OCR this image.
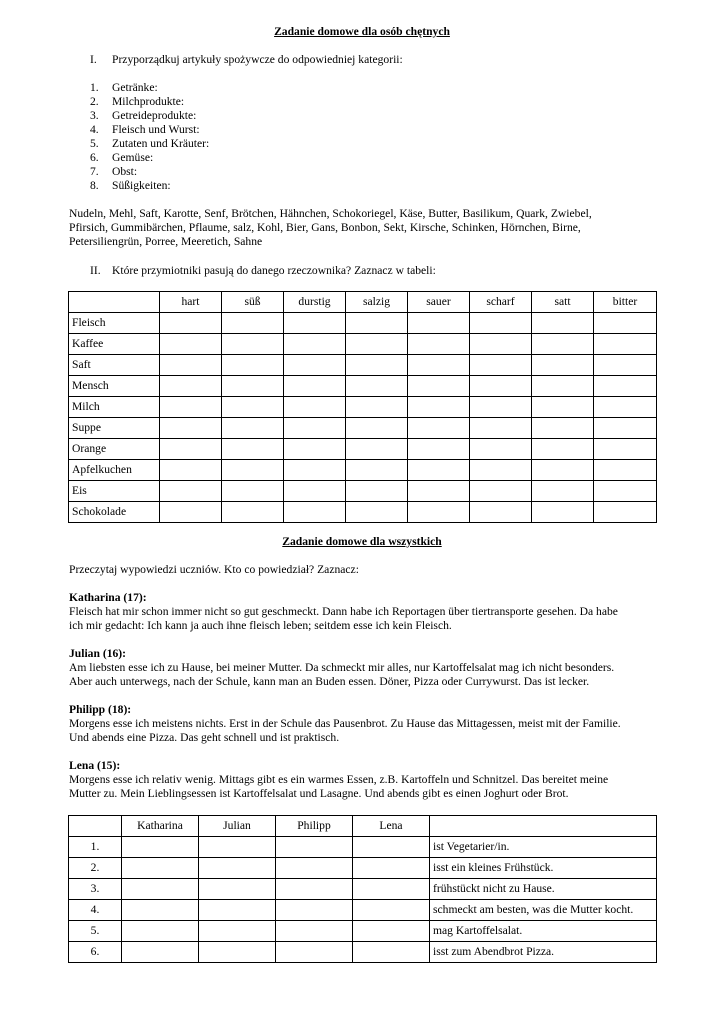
Zadanie domowe dla osób chętnych
I. Przyporządkuj artykuły spożywcze do odpowiedniej kategorii:
1. Getränke:
2. Milchprodukte:
3. Getreideprodukte:
4. Fleisch und Wurst:
5. Zutaten und Kräuter:
6. Gemüse:
7. Obst:
8. Süßigkeiten:
Nudeln, Mehl, Saft, Karotte, Senf, Brötchen, Hähnchen, Schokoriegel, Käse, Butter, Basilikum, Quark, Zwiebel,
Pfirsich, Gummibärchen, Pflaume, salz, Kohl, Bier, Gans, Bonbon, Sekt, Kirsche, Schinken, Hörnchen, Birne,
Petersiliengrün, Porree, Meeretich, Sahne
II. Które przymiotniki pasują do danego rzeczownika? Zaznacz w tabeli:
	hart	süß	durstig	salzig	sauer	scharf	satt	bitter
Fleisch								
Kaffee								
Saft								
Mensch								
Milch								
Suppe								
Orange								
Apfelkuchen								
Eis								
Schokolade								
Zadanie domowe dla wszystkich
Przeczytaj wypowiedzi uczniów. Kto co powiedział? Zaznacz:
Katharina (17):
Fleisch hat mir schon immer nicht so gut geschmeckt. Dann habe ich Reportagen über tiertransporte gesehen. Da habe
ich mir gedacht: Ich kann ja auch ihne fleisch leben; seitdem esse ich kein Fleisch.
Julian (16):
Am liebsten esse ich zu Hause, bei meiner Mutter. Da schmeckt mir alles, nur Kartoffelsalat mag ich nicht besonders.
Aber auch unterwegs, nach der Schule, kann man an Buden essen. Döner, Pizza oder Currywurst. Das ist lecker.
Philipp (18):
Morgens esse ich meistens nichts. Erst in der Schule das Pausenbrot. Zu Hause das Mittagessen, meist mit der Familie.
Und abends eine Pizza. Das geht schnell und ist praktisch.
Lena (15):
Morgens esse ich relativ wenig. Mittags gibt es ein warmes Essen, z.B. Kartoffeln und Schnitzel. Das bereitet meine
Mutter zu. Mein Lieblingsessen ist Kartoffelsalat und Lasagne. Und abends gibt es einen Joghurt oder Brot.
	Katharina	Julian	Philipp	Lena	
1.					ist Vegetarier/in.
2.					isst ein kleines Frühstück.
3.					frühstückt nicht zu Hause.
4.					schmeckt am besten, was die Mutter kocht.
5.					mag Kartoffelsalat.
6.					isst zum Abendbrot Pizza.
